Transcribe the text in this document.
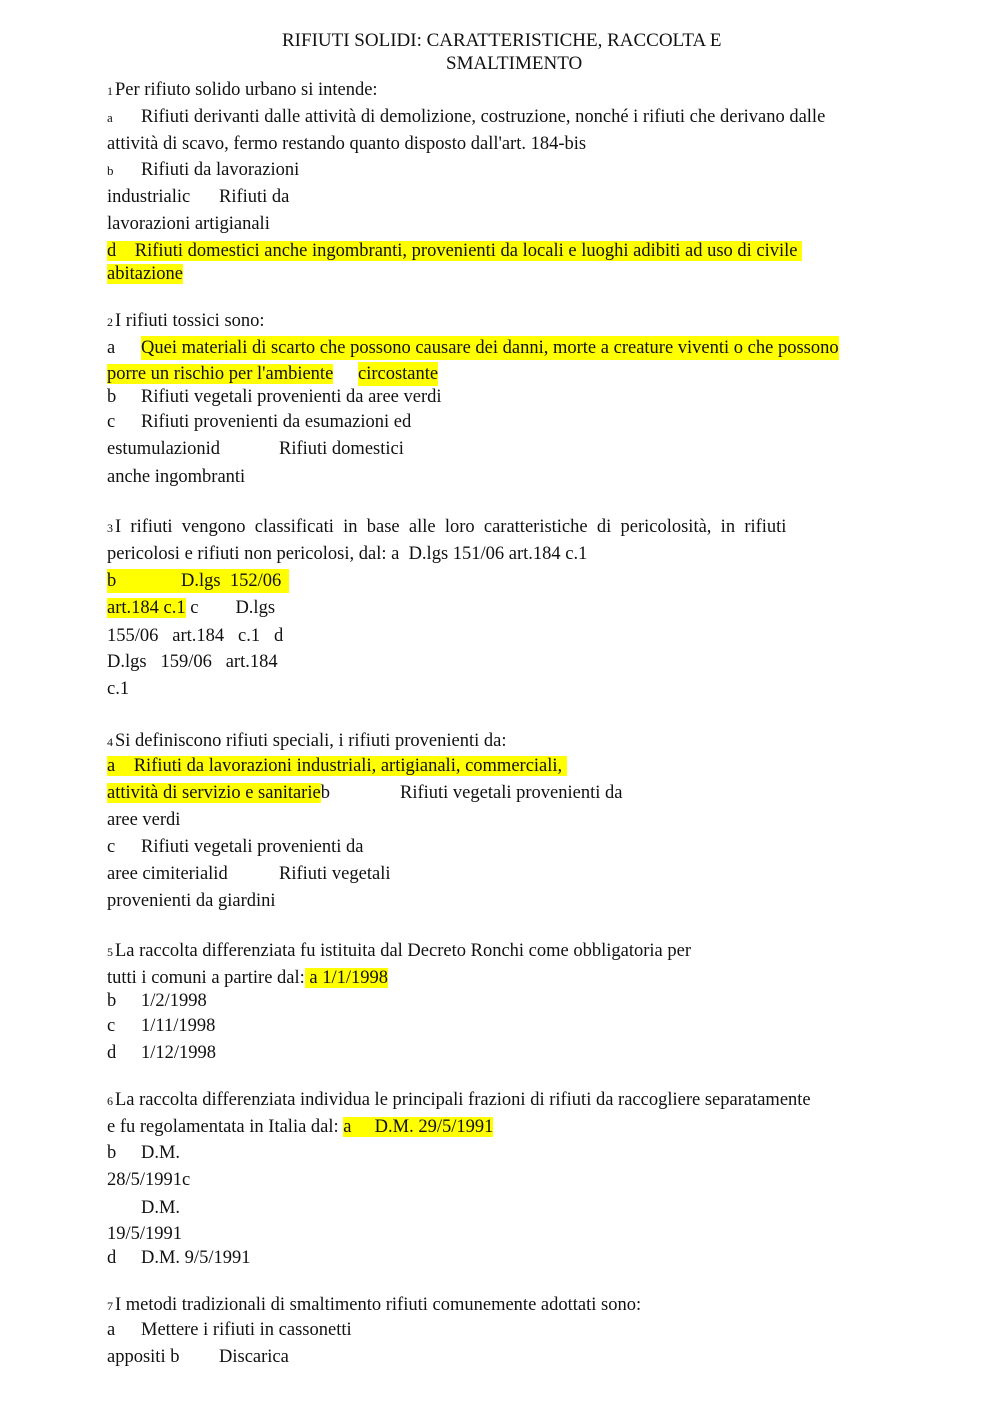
RIFIUTI SOLIDI: CARATTERISTICHE, RACCOLTA E
SMALTIMENTO
1 Per rifiuto solido urbano si intende:
a Rifiuti derivanti dalle attività di demolizione, costruzione, nonché i rifiuti che derivano dalle
attività di scavo, fermo restando quanto disposto dall'art. 184-bis
b Rifiuti da lavorazioni
industrialic Rifiuti da
lavorazioni artigianali
d    Rifiuti domestici anche ingombranti, provenienti da locali e luoghi adibiti ad uso di civile
abitazione
2 I rifiuti tossici sono:
a Quei materiali di scarto che possono causare dei danni, morte a creature viventi o che possono
porre un rischio per l'ambiente circostante
b Rifiuti vegetali provenienti da aree verdi
c Rifiuti provenienti da esumazioni ed
estumulazionid	Rifiuti domestici
anche ingombranti
3 I  rifiuti  vengono  classificati  in  base  alle  loro  caratteristiche  di  pericolosità,  in  rifiuti
pericolosi e rifiuti non pericolosi, dal: a  D.lgs 151/06 art.184 c.1
b	D.lgs  152/06
art.184 c.1 c        D.lgs
155/06   art.184   c.1   d
D.lgs   159/06   art.184
c.1
4 Si definiscono rifiuti speciali, i rifiuti provenienti da:
a    Rifiuti da lavorazioni industriali, artigianali, commerciali,
attività di servizio e sanitarieb	Rifiuti vegetali provenienti da
aree verdi
c Rifiuti vegetali provenienti da
aree cimiterialid	Rifiuti vegetali
provenienti da giardini
5 La raccolta differenziata fu istituita dal Decreto Ronchi come obbligatoria per
tutti i comuni a partire dal: a 1/1/1998
b 1/2/1998
c 1/11/1998
d 1/12/1998
6 La raccolta differenziata individua le principali frazioni di rifiuti da raccogliere separatamente
e fu regolamentata in Italia dal: a     D.M. 29/5/1991
b D.M.
28/5/1991c
D.M.
19/5/1991
d D.M. 9/5/1991
7 I metodi tradizionali di smaltimento rifiuti comunemente adottati sono:
a Mettere i rifiuti in cassonetti
appositi b Discarica
